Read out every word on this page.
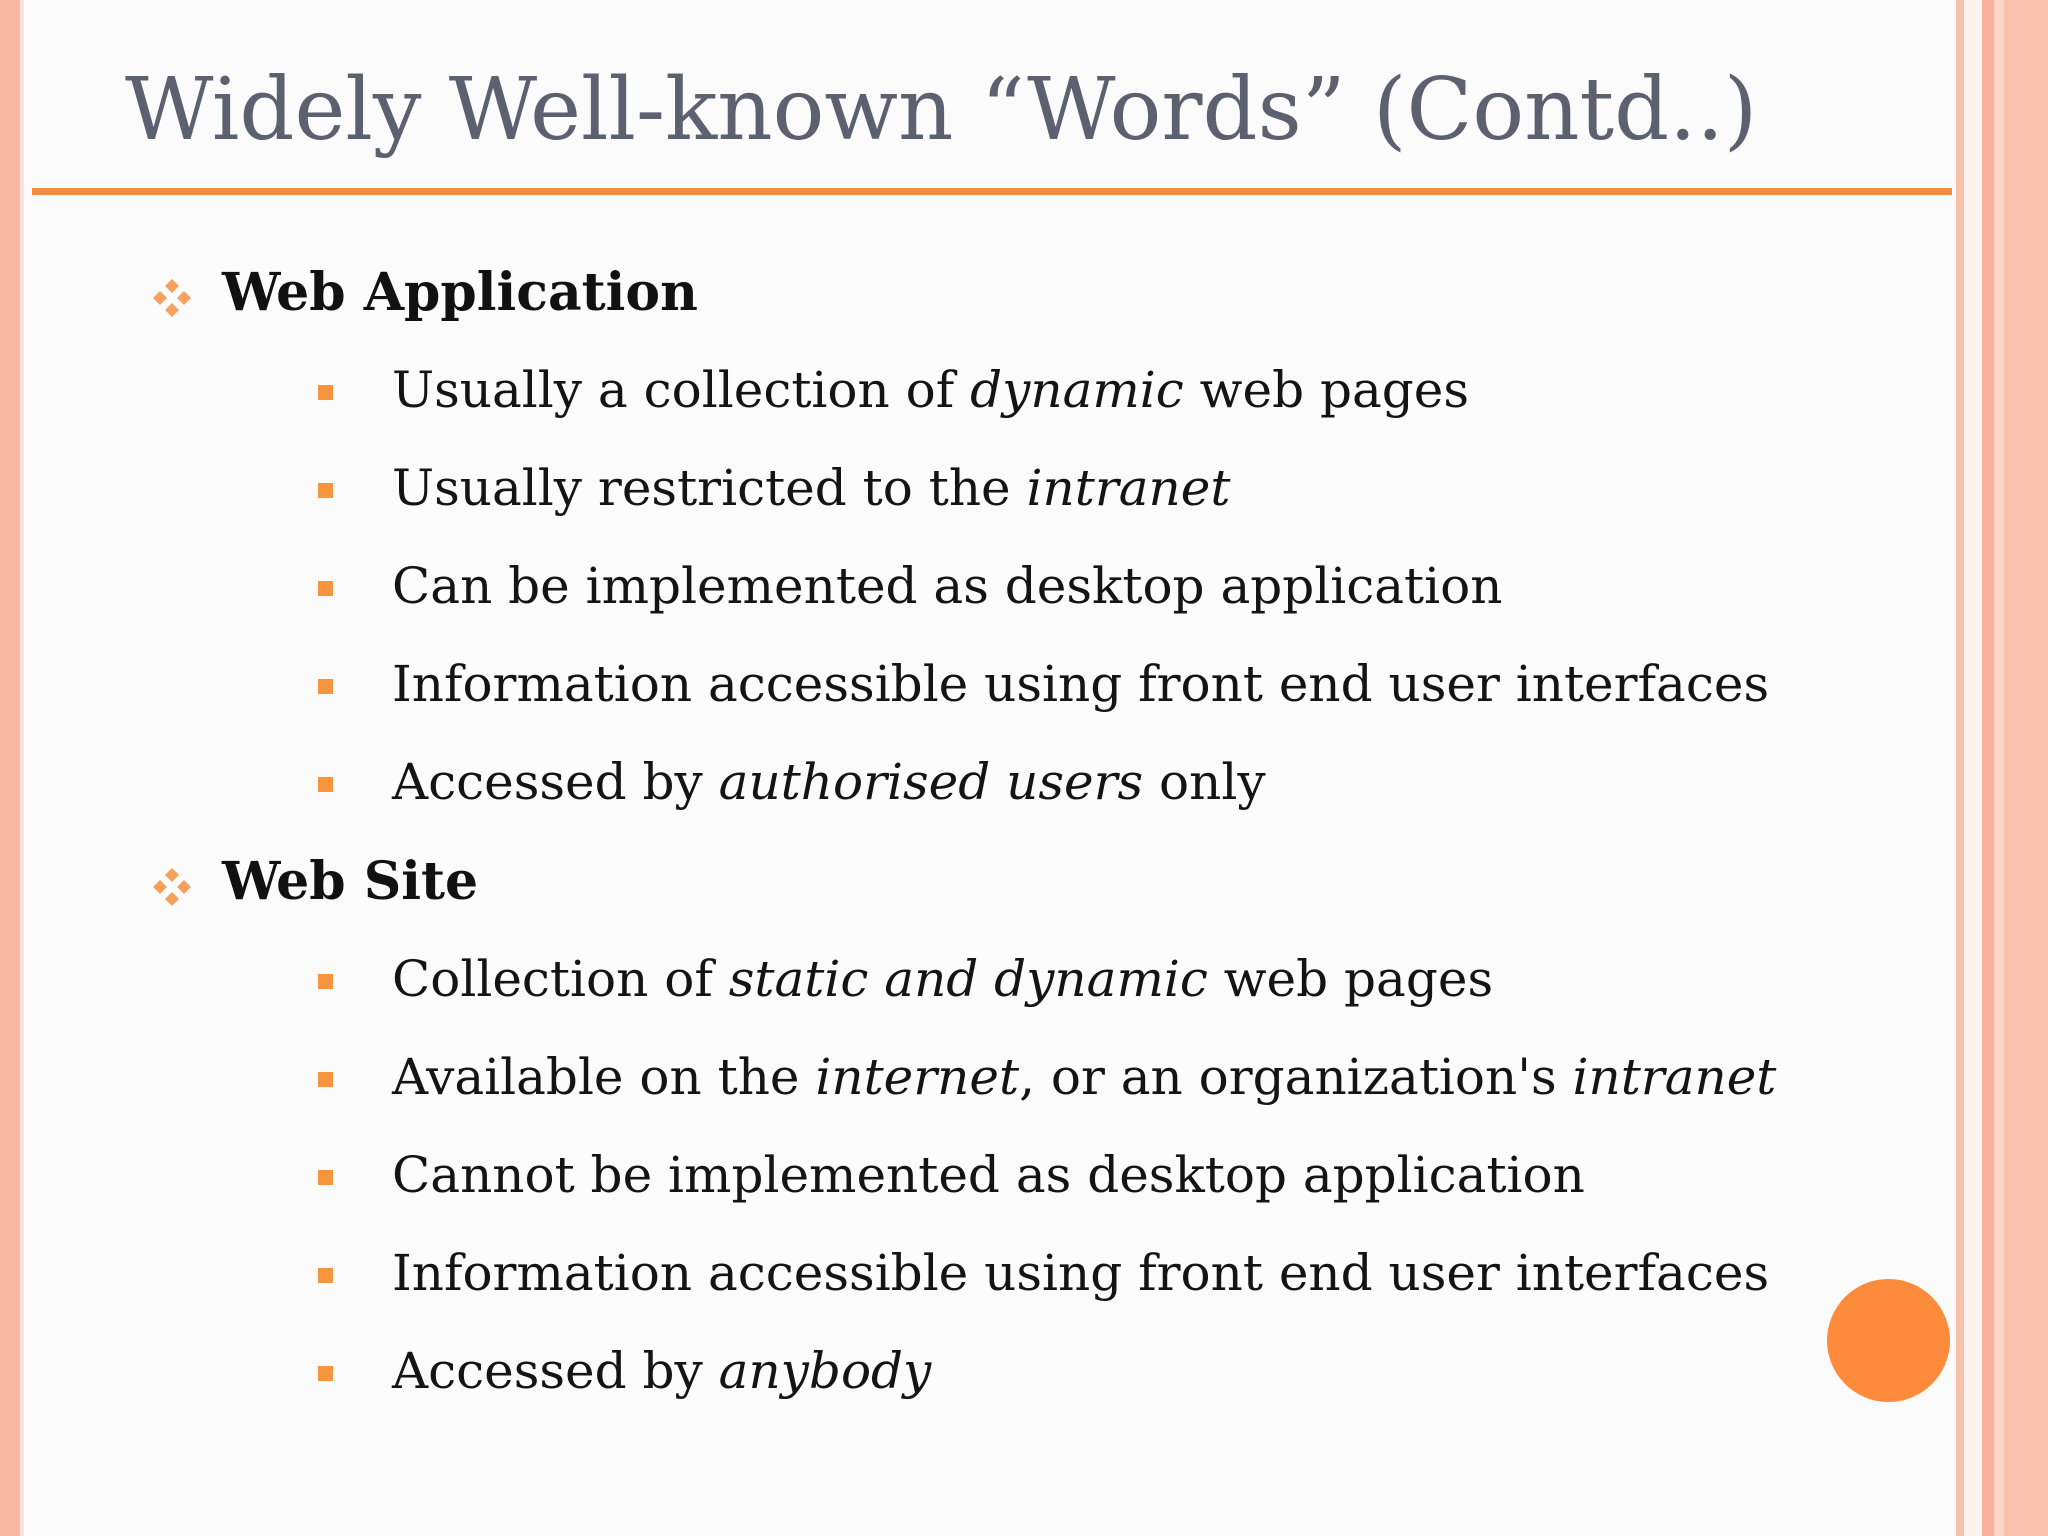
Widely Well-known “Words” (Contd..)
Web Application
Usually a collection of dynamic web pages
Usually restricted to the intranet
Can be implemented as desktop application
Information accessible using front end user interfaces
Accessed by authorised users only
Web Site
Collection of static and dynamic web pages
Available on the internet, or an organization's intranet
Cannot be implemented as desktop application
Information accessible using front end user interfaces
Accessed by anybody
